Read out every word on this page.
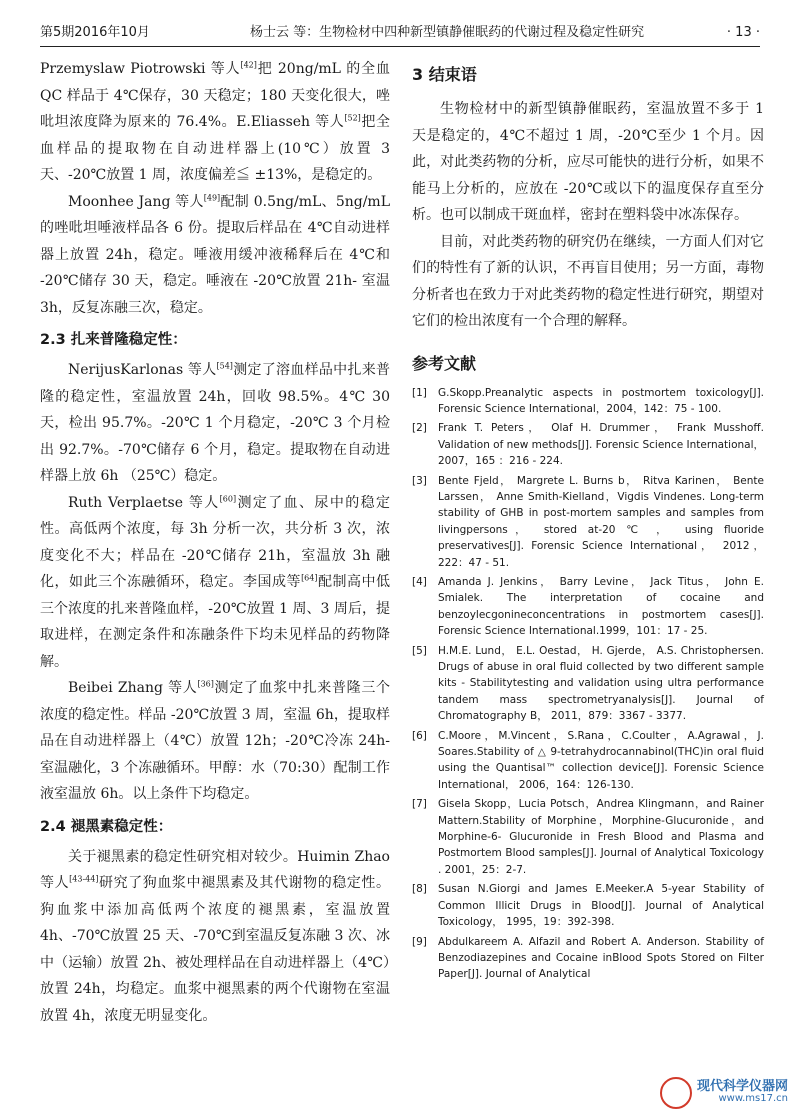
第5期2016年10月	杨士云 等：生物检材中四种新型镇静催眠药的代谢过程及稳定性研究	· 13 ·

Przemyslaw Piotrowski 等人[42]把 20ng/mL 的全血 QC 样品于 4℃保存，30 天稳定；180 天变化很大，唑吡坦浓度降为原来的 76.4%。E.Eliasseh 等人[52]把全血样品的提取物在自动进样器上(10℃）放置 3 天、-20℃放置 1 周，浓度偏差≦ ±13%，是稳定的。

Moonhee Jang 等人[49]配制 0.5ng/mL、5ng/mL 的唑吡坦唾液样品各 6 份。提取后样品在 4℃自动进样器上放置 24h，稳定。唾液用缓冲液稀释后在 4℃和 -20℃储存 30 天，稳定。唾液在 -20℃放置 21h- 室温 3h，反复冻融三次，稳定。

2.3 扎来普隆稳定性：

NerijusKarlonas 等人[54]测定了溶血样品中扎来普隆的稳定性，室温放置 24h，回收 98.5%。4℃ 30 天，检出 95.7%。-20℃ 1 个月稳定，-20℃ 3 个月检出 92.7%。-70℃储存 6 个月，稳定。提取物在自动进样器上放 6h （25℃）稳定。

Ruth Verplaetse 等人[60]测定了血、尿中的稳定性。高低两个浓度，每 3h 分析一次，共分析 3 次，浓度变化不大；样品在 -20℃储存 21h，室温放 3h 融化，如此三个冻融循环，稳定。李国成等[64]配制高中低三个浓度的扎来普隆血样，-20℃放置 1 周、3 周后，提取进样，在测定条件和冻融条件下均未见样品的药物降解。

Beibei Zhang 等人[36]测定了血浆中扎来普隆三个浓度的稳定性。样品 -20℃放置 3 周，室温 6h，提取样品在自动进样器上（4℃）放置 12h；-20℃冷冻 24h- 室温融化，3 个冻融循环。甲醇：水（70:30）配制工作液室温放 6h。以上条件下均稳定。

2.4 褪黑素稳定性：

关于褪黑素的稳定性研究相对较少。Huimin Zhao 等人[43-44]研究了狗血浆中褪黑素及其代谢物的稳定性。狗血浆中添加高低两个浓度的褪黑素，室温放置 4h、-70℃放置 25 天、-70℃到室温反复冻融 3 次、冰中（运输）放置 2h、被处理样品在自动进样器上（4℃）放置 24h，均稳定。血浆中褪黑素的两个代谢物在室温放置 4h，浓度无明显变化。

3 结束语

生物检材中的新型镇静催眠药，室温放置不多于 1 天是稳定的，4℃不超过 1 周，-20℃至少 1 个月。因此，对此类药物的分析，应尽可能快的进行分析，如果不能马上分析的，应放在 -20℃或以下的温度保存直至分析。也可以制成干斑血样，密封在塑料袋中冰冻保存。

目前，对此类药物的研究仍在继续，一方面人们对它们的特性有了新的认识，不再盲目使用；另一方面，毒物分析者也在致力于对此类药物的稳定性进行研究，期望对它们的检出浓度有一个合理的解释。

参考文献
[1]	G.Skopp.Preanalytic aspects in postmortem toxicology[J]. Forensic Science International，2004，142：75 - 100.
[2]	Frank T. Peters， Olaf H. Drummer， Frank Musshoff. Validation of new methods[J]. Forensic Science International，2007，165 ：216 - 224.
[3]	Bente Fjeld， Margrete L. Burns b， Ritva Karinen， Bente Larssen， Anne Smith-Kielland，Vigdis Vindenes. Long-term stability of GHB in post-mortem samples and samples from livingpersons， stored at-20 ℃ ， using fluoride preservatives[J]. Forensic Science International， 2012，222：47 - 51.
[4]	Amanda J. Jenkins， Barry Levine， Jack Titus， John E. Smialek. The interpretation of cocaine and benzoylecgonineconcentrations in postmortem cases[J]. Forensic Science International.1999，101：17 - 25.
[5]	H.M.E. Lund， E.L. Oestad， H. Gjerde， A.S. Christophersen. Drugs of abuse in oral fluid collected by two different sample kits - Stabilitytesting and validation using ultra performance tandem mass spectrometryanalysis[J]. Journal of Chromatography B， 2011，879：3367 - 3377.
[6]	C.Moore，M.Vincent，S.Rana，C.Coulter，A.Agrawal，J. Soares.Stability of △ 9-tetrahydrocannabinol(THC)in oral fluid using the Quantisal™ collection device[J]. Forensic Science International， 2006，164：126-130.
[7]	Gisela Skopp，Lucia Potsch，Andrea Klingmann，and Rainer Mattern.Stability of Morphine，Morphine-Glucuronide，and Morphine-6- Glucuronide in Fresh Blood and Plasma and Postmortem Blood samples[J]. Journal of Analytical Toxicology . 2001，25：2-7.
[8]	Susan N.Giorgi and James E.Meeker.A 5-year Stability of Common Illicit Drugs in Blood[J]. Journal of Analytical Toxicology， 1995，19：392-398.
[9]	Abdulkareem A. Alfazil and Robert A. Anderson. Stability of Benzodiazepines and Cocaine inBlood Spots Stored on Filter Paper[J]. Journal of Analytical
现代科学仪器网
www.ms17.cn
